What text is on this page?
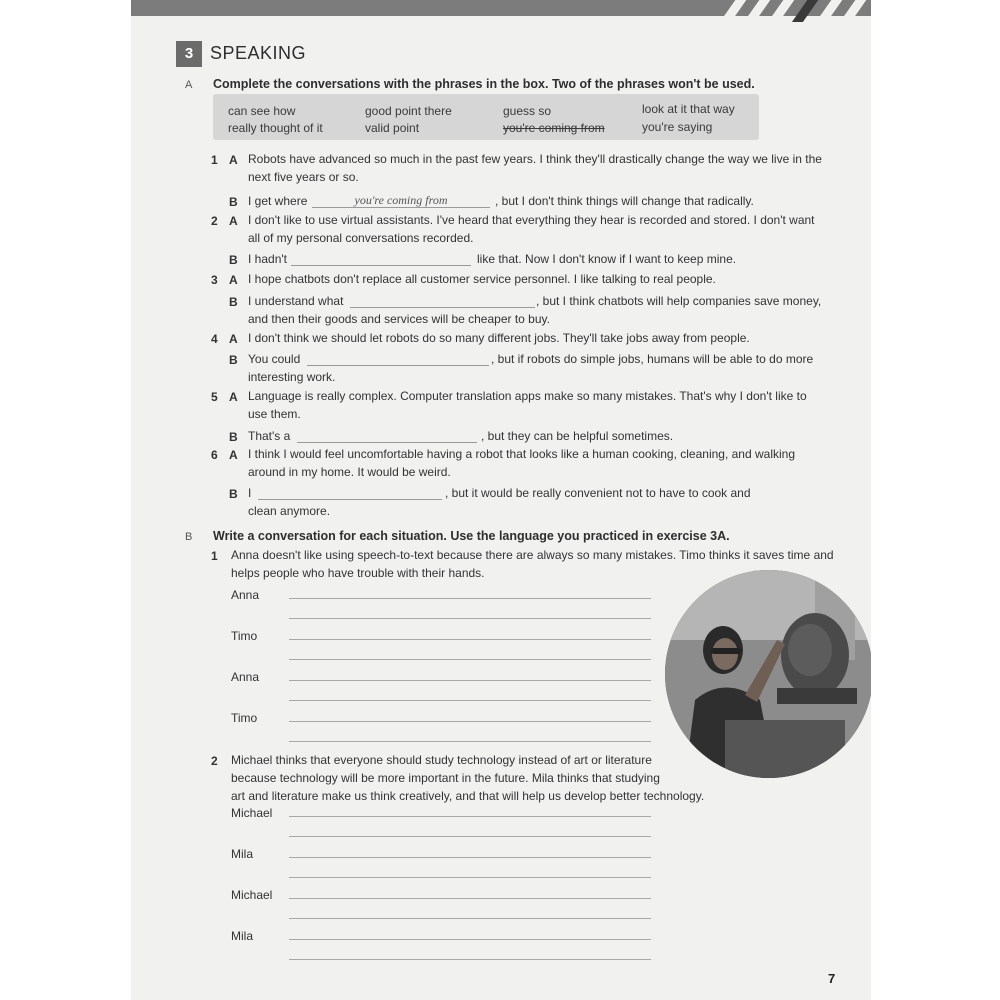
3 SPEAKING
A Complete the conversations with the phrases in the box. Two of the phrases won't be used.
can see how	good point there	guess so	look at it that way
really thought of it	valid point	you're coming from	you're saying
1 A Robots have advanced so much in the past few years. I think they'll drastically change the way we live in the
next five years or so.
B I get where	you're coming from	, but I don't think things will change that radically.
2 A I don't like to use virtual assistants. I've heard that everything they hear is recorded and stored. I don't want
all of my personal conversations recorded.
B I hadn't	like that. Now I don't know if I want to keep mine.
3 A I hope chatbots don't replace all customer service personnel. I like talking to real people.
B I understand what	, but I think chatbots will help companies save money,
and then their goods and services will be cheaper to buy.
4 A I don't think we should let robots do so many different jobs. They'll take jobs away from people.
B You could	, but if robots do simple jobs, humans will be able to do more
interesting work.
5 A Language is really complex. Computer translation apps make so many mistakes. That's why I don't like to
use them.
B That's a	, but they can be helpful sometimes.
6 A I think I would feel uncomfortable having a robot that looks like a human cooking, cleaning, and walking
around in my home. It would be weird.
B I	, but it would be really convenient not to have to cook and
clean anymore.
B Write a conversation for each situation. Use the language you practiced in exercise 3A.
1 Anna doesn't like using speech-to-text because there are always so many mistakes. Timo thinks it saves time and
helps people who have trouble with their hands.
Anna
Timo
Anna
Timo
2 Michael thinks that everyone should study technology instead of art or literature
because technology will be more important in the future. Mila thinks that studying
art and literature make us think creatively, and that will help us develop better technology.
Michael
Mila
Michael
Mila
7
